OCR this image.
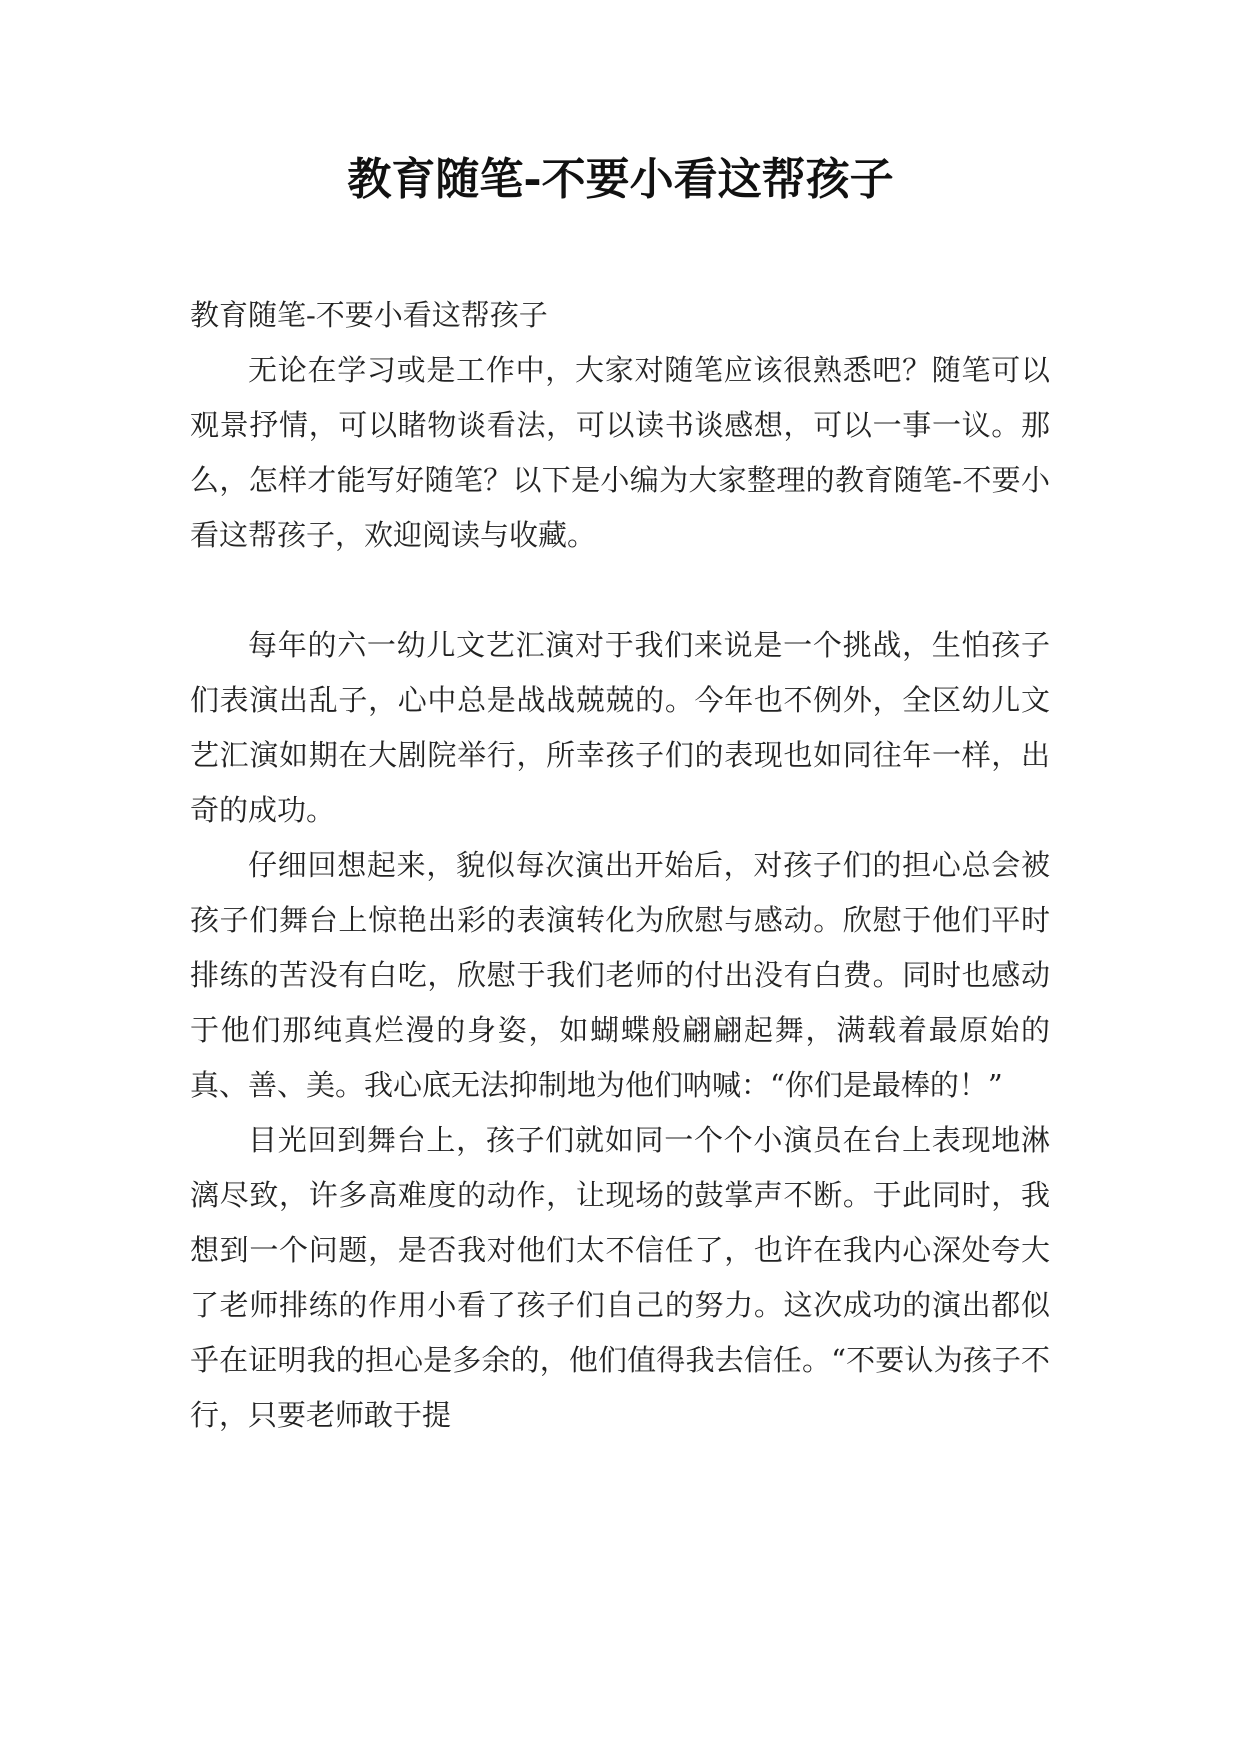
教育随笔-不要小看这帮孩子

教育随笔-不要小看这帮孩子

无论在学习或是工作中，大家对随笔应该很熟悉吧？随笔可以观景抒情，可以睹物谈看法，可以读书谈感想，可以一事一议。那么，怎样才能写好随笔？以下是小编为大家整理的教育随笔-不要小看这帮孩子，欢迎阅读与收藏。

每年的六一幼儿文艺汇演对于我们来说是一个挑战，生怕孩子们表演出乱子，心中总是战战兢兢的。今年也不例外，全区幼儿文艺汇演如期在大剧院举行，所幸孩子们的表现也如同往年一样，出奇的成功。

仔细回想起来，貌似每次演出开始后，对孩子们的担心总会被孩子们舞台上惊艳出彩的表演转化为欣慰与感动。欣慰于他们平时排练的苦没有白吃，欣慰于我们老师的付出没有白费。同时也感动于他们那纯真烂漫的身姿，如蝴蝶般翩翩起舞，满载着最原始的真、善、美。我心底无法抑制地为他们呐喊：“你们是最棒的！”

目光回到舞台上，孩子们就如同一个个小演员在台上表现地淋漓尽致，许多高难度的动作，让现场的鼓掌声不断。于此同时，我想到一个问题，是否我对他们太不信任了，也许在我内心深处夸大了老师排练的作用小看了孩子们自己的努力。这次成功的演出都似乎在证明我的担心是多余的，他们值得我去信任。“不要认为孩子不行，只要老师敢于提
